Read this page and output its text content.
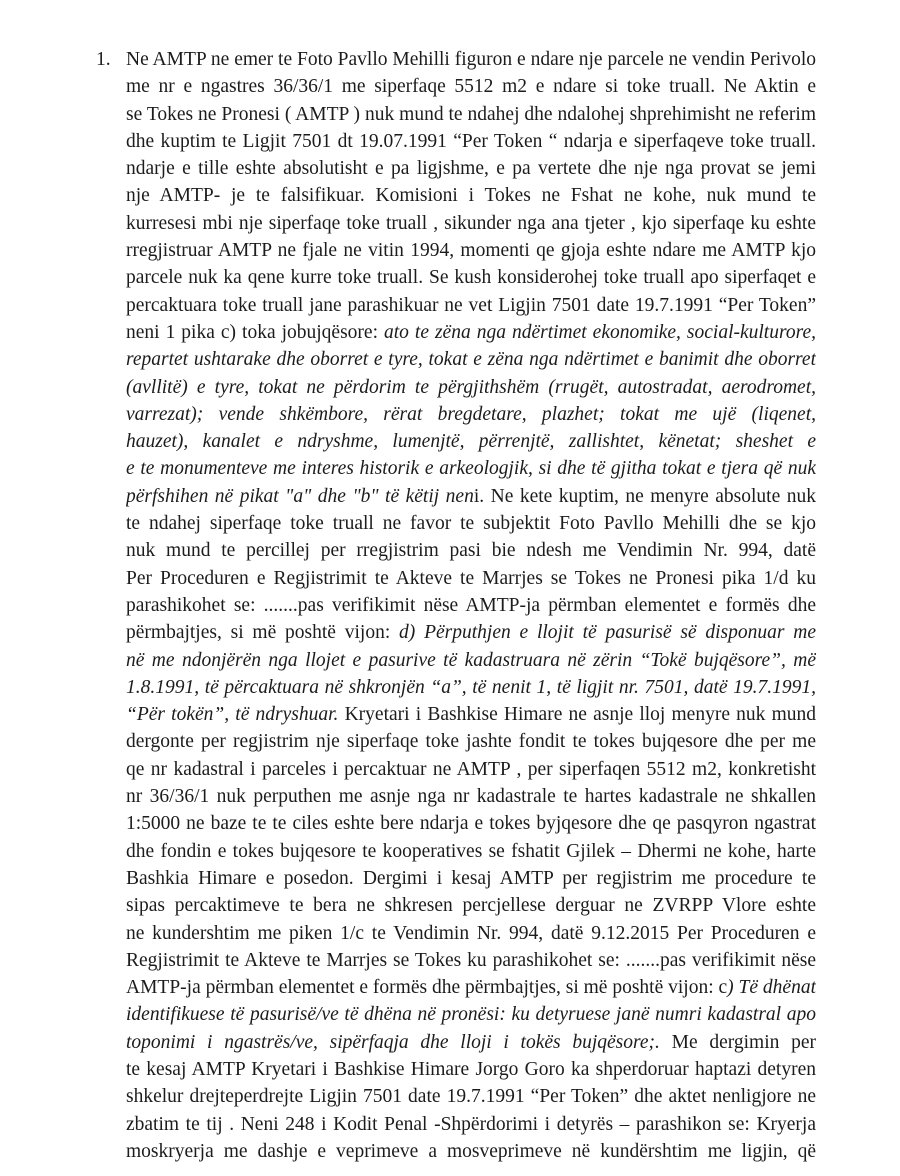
1. Ne AMTP ne emer te Foto Pavllo Mehilli figuron e ndare nje parcele ne vendin Perivolo
me nr e ngastres 36/36/1 me siperfaqe 5512 m2 e ndare si toke truall. Ne Aktin e
se Tokes ne Pronesi ( AMTP ) nuk mund te ndahej dhe ndalohej shprehimisht ne referim
dhe kuptim te Ligjit 7501 dt 19.07.1991 “Per Token “ ndarja e siperfaqeve toke truall.
ndarje e tille eshte absolutisht e pa ligjshme, e pa vertete dhe nje nga provat se jemi
nje AMTP- je te falsifikuar. Komisioni i Tokes ne Fshat ne kohe, nuk mund te
kurresesi mbi nje siperfaqe toke truall , sikunder nga ana tjeter , kjo siperfaqe ku eshte
rregjistruar AMTP ne fjale ne vitin 1994, momenti qe gjoja eshte ndare me AMTP kjo
parcele nuk ka qene kurre toke truall. Se kush konsiderohej toke truall apo siperfaqet e
percaktuara toke truall jane parashikuar ne vet Ligjin 7501 date 19.7.1991 “Per Token”
neni 1 pika c) toka jobujqësore: ato te zëna nga ndërtimet ekonomike, social-kulturore,
repartet ushtarake dhe oborret e tyre, tokat e zëna nga ndërtimet e banimit dhe oborret
(avllitë) e tyre, tokat ne përdorim te përgjithshëm (rrugët, autostradat, aerodromet,
varrezat); vende shkëmbore, rërat bregdetare, plazhet; tokat me ujë (liqenet,
hauzet), kanalet e ndryshme, lumenjtë, përrenjtë, zallishtet, kënetat; sheshet e
e te monumenteve me interes historik e arkeologjik, si dhe të gjitha tokat e tjera që nuk
përfshihen në pikat "a" dhe "b" të këtij neni. Ne kete kuptim, ne menyre absolute nuk
te ndahej siperfaqe toke truall ne favor te subjektit Foto Pavllo Mehilli dhe se kjo
nuk mund te percillej per rregjistrim pasi bie ndesh me Vendimin Nr. 994, datë
Per Proceduren e Regjistrimit te Akteve te Marrjes se Tokes ne Pronesi pika 1/d ku
parashikohet se: .......pas verifikimit nëse AMTP-ja përmban elementet e formës dhe
përmbajtjes, si më poshtë vijon: d) Përputhjen e llojit të pasurisë së disponuar me
në me ndonjërën nga llojet e pasurive të kadastruara në zërin “Tokë bujqësore”, më
1.8.1991, të përcaktuara në shkronjën “a”, të nenit 1, të ligjit nr. 7501, datë 19.7.1991,
“Për tokën”, të ndryshuar. Kryetari i Bashkise Himare ne asnje lloj menyre nuk mund
dergonte per regjistrim nje siperfaqe toke jashte fondit te tokes bujqesore dhe per me
qe nr kadastral i parceles i percaktuar ne AMTP , per siperfaqen 5512 m2, konkretisht
nr 36/36/1 nuk perputhen me asnje nga nr kadastrale te hartes kadastrale ne shkallen
1:5000 ne baze te te ciles eshte bere ndarja e tokes byjqesore dhe qe pasqyron ngastrat
dhe fondin e tokes bujqesore te kooperatives se fshatit Gjilek – Dhermi ne kohe, harte
Bashkia Himare e posedon. Dergimi i kesaj AMTP per regjistrim me procedure te
sipas percaktimeve te bera ne shkresen percjellese derguar ne ZVRPP Vlore eshte
ne kundershtim me piken 1/c te Vendimin Nr. 994, datë 9.12.2015 Per Proceduren e
Regjistrimit te Akteve te Marrjes se Tokes ku parashikohet se: .......pas verifikimit nëse
AMTP-ja përmban elementet e formës dhe përmbajtjes, si më poshtë vijon: c) Të dhënat
identifikuese të pasurisë/ve të dhëna në pronësi: ku detyruese janë numri kadastral apo
toponimi i ngastrës/ve, sipërfaqja dhe lloji i tokës bujqësore;. Me dergimin per
te kesaj AMTP Kryetari i Bashkise Himare Jorgo Goro ka shperdoruar haptazi detyren
shkelur drejteperdrejte Ligjin 7501 date 19.7.1991 “Per Token” dhe aktet nenligjore ne
zbatim te tij . Neni 248 i Kodit Penal -Shpërdorimi i detyrës – parashikon se: Kryerja
moskryerja me dashje e veprimeve a mosveprimeve në kundërshtim me ligjin, që
